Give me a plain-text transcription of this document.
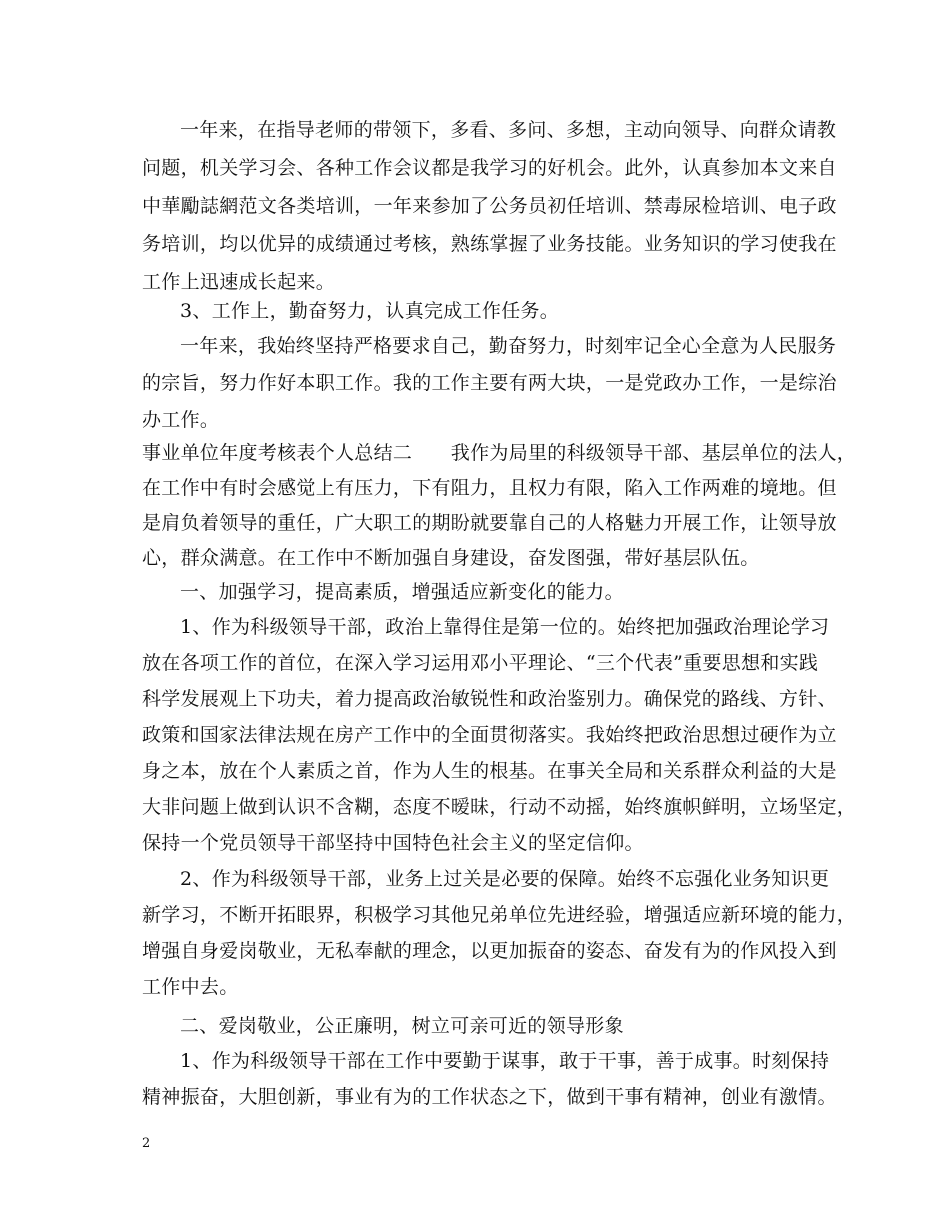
一年来，在指导老师的带领下，多看、多问、多想，主动向领导、向群众请教
问题，机关学习会、各种工作会议都是我学习的好机会。此外，认真参加本文来自
中華勵誌網范文各类培训，一年来参加了公务员初任培训、禁毒尿检培训、电子政
务培训，均以优异的成绩通过考核，熟练掌握了业务技能。业务知识的学习使我在
工作上迅速成长起来。
3、工作上，勤奋努力，认真完成工作任务。
一年来，我始终坚持严格要求自己，勤奋努力，时刻牢记全心全意为人民服务
的宗旨，努力作好本职工作。我的工作主要有两大块，一是党政办工作，一是综治
办工作。
事业单位年度考核表个人总结二　　我作为局里的科级领导干部、基层单位的法人，
在工作中有时会感觉上有压力，下有阻力，且权力有限，陷入工作两难的境地。但
是肩负着领导的重任，广大职工的期盼就要靠自己的人格魅力开展工作，让领导放
心，群众满意。在工作中不断加强自身建设，奋发图强，带好基层队伍。
一、加强学习，提高素质，增强适应新变化的能力。
1、作为科级领导干部，政治上靠得住是第一位的。始终把加强政治理论学习
放在各项工作的首位，在深入学习运用邓小平理论、“三个代表”重要思想和实践
科学发展观上下功夫，着力提高政治敏锐性和政治鉴别力。确保党的路线、方针、
政策和国家法律法规在房产工作中的全面贯彻落实。我始终把政治思想过硬作为立
身之本，放在个人素质之首，作为人生的根基。在事关全局和关系群众利益的大是
大非问题上做到认识不含糊，态度不暧昧，行动不动摇，始终旗帜鲜明，立场坚定，
保持一个党员领导干部坚持中国特色社会主义的坚定信仰。
2、作为科级领导干部，业务上过关是必要的保障。始终不忘强化业务知识更
新学习，不断开拓眼界，积极学习其他兄弟单位先进经验，增强适应新环境的能力，
增强自身爱岗敬业，无私奉献的理念，以更加振奋的姿态、奋发有为的作风投入到
工作中去。
二、爱岗敬业，公正廉明，树立可亲可近的领导形象
1、作为科级领导干部在工作中要勤于谋事，敢于干事，善于成事。时刻保持
精神振奋，大胆创新，事业有为的工作状态之下，做到干事有精神，创业有激情。
2
